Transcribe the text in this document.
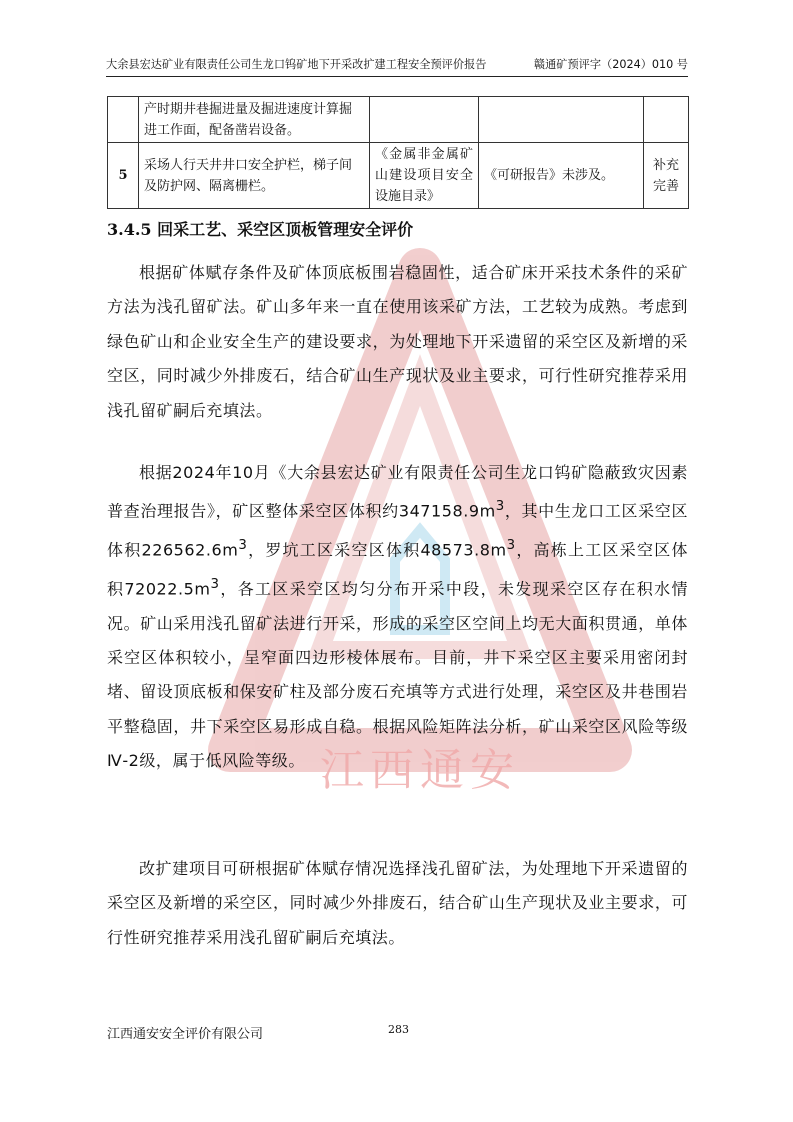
江西通安
大余县宏达矿业有限责任公司生龙口钨矿地下开采改扩建工程安全预评价报告	赣通矿预评字（2024）010 号
	产时期井巷掘进量及掘进速度计算掘进工作面，配备凿岩设备。			
5	采场人行天井井口安全护栏，梯子间及防护网、隔离栅栏。	《金属非金属矿山建设项目安全设施目录》	《可研报告》未涉及。	补充完善
3.4.5 回采工艺、采空区顶板管理安全评价
根据矿体赋存条件及矿体顶底板围岩稳固性，适合矿床开采技术条件的采矿方法为浅孔留矿法。矿山多年来一直在使用该采矿方法，工艺较为成熟。考虑到绿色矿山和企业安全生产的建设要求，为处理地下开采遗留的采空区及新增的采空区，同时减少外排废石，结合矿山生产现状及业主要求，可行性研究推荐采用浅孔留矿嗣后充填法。
根据2024年10月《大余县宏达矿业有限责任公司生龙口钨矿隐蔽致灾因素普查治理报告》，矿区整体采空区体积约$347158.9m^3$，其中生龙口工区采空区体积$226562.6m^3$，罗坑工区采空区体积$48573.8m^3$，高栋上工区采空区体积$72022.5m^3$，各工区采空区均匀分布开采中段，未发现采空区存在积水情况。矿山采用浅孔留矿法进行开采，形成的采空区空间上均无大面积贯通，单体采空区体积较小，呈窄面四边形棱体展布。目前，井下采空区主要采用密闭封堵、留设顶底板和保安矿柱及部分废石充填等方式进行处理，采空区及井巷围岩平整稳固，井下采空区易形成自稳。根据风险矩阵法分析，矿山采空区风险等级Ⅳ-2级，属于低风险等级。
改扩建项目可研根据矿体赋存情况选择浅孔留矿法，为处理地下开采遗留的采空区及新增的采空区，同时减少外排废石，结合矿山生产现状及业主要求，可行性研究推荐采用浅孔留矿嗣后充填法。
江西通安安全评价有限公司	283
